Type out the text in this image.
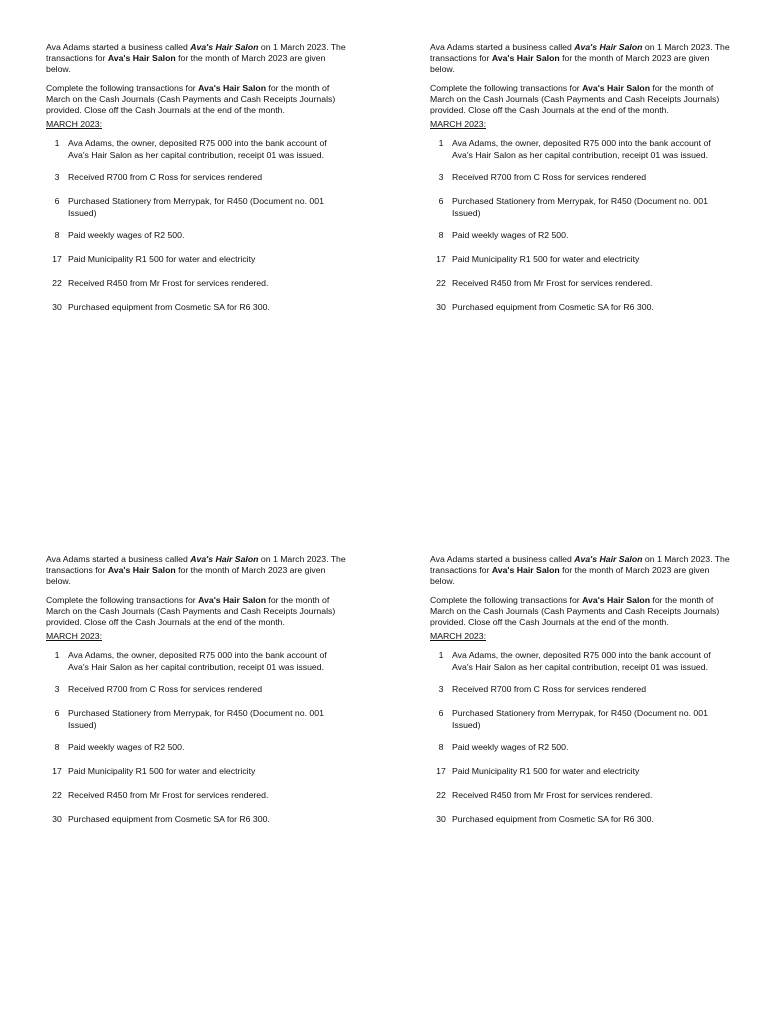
Ava Adams started a business called Ava's Hair Salon on 1 March 2023. The transactions for Ava's Hair Salon for the month of March 2023 are given below.

Complete the following transactions for Ava's Hair Salon for the month of March on the Cash Journals (Cash Payments and Cash Receipts Journals) provided. Close off the Cash Journals at the end of the month.

MARCH 2023:
1 Ava Adams, the owner, deposited R75 000 into the bank account of Ava's Hair Salon as her capital contribution, receipt 01 was issued.
3 Received R700 from C Ross for services rendered
6 Purchased Stationery from Merrypak, for R450 (Document no. 001 Issued)
8 Paid weekly wages of R2 500.
17 Paid Municipality R1 500 for water and electricity
22 Received R450 from Mr Frost for services rendered.
30 Purchased equipment from Cosmetic SA for R6 300.

Ava Adams started a business called Ava's Hair Salon on 1 March 2023. The transactions for Ava's Hair Salon for the month of March 2023 are given below.

Complete the following transactions for Ava's Hair Salon for the month of March on the Cash Journals (Cash Payments and Cash Receipts Journals) provided. Close off the Cash Journals at the end of the month.

MARCH 2023:
1 Ava Adams, the owner, deposited R75 000 into the bank account of Ava's Hair Salon as her capital contribution, receipt 01 was issued.
3 Received R700 from C Ross for services rendered
6 Purchased Stationery from Merrypak, for R450 (Document no. 001 Issued)
8 Paid weekly wages of R2 500.
17 Paid Municipality R1 500 for water and electricity
22 Received R450 from Mr Frost for services rendered.
30 Purchased equipment from Cosmetic SA for R6 300.

Ava Adams started a business called Ava's Hair Salon on 1 March 2023. The transactions for Ava's Hair Salon for the month of March 2023 are given below.

Complete the following transactions for Ava's Hair Salon for the month of March on the Cash Journals (Cash Payments and Cash Receipts Journals) provided. Close off the Cash Journals at the end of the month.

MARCH 2023:
1 Ava Adams, the owner, deposited R75 000 into the bank account of Ava's Hair Salon as her capital contribution, receipt 01 was issued.
3 Received R700 from C Ross for services rendered
6 Purchased Stationery from Merrypak, for R450 (Document no. 001 Issued)
8 Paid weekly wages of R2 500.
17 Paid Municipality R1 500 for water and electricity
22 Received R450 from Mr Frost for services rendered.
30 Purchased equipment from Cosmetic SA for R6 300.

Ava Adams started a business called Ava's Hair Salon on 1 March 2023. The transactions for Ava's Hair Salon for the month of March 2023 are given below.

Complete the following transactions for Ava's Hair Salon for the month of March on the Cash Journals (Cash Payments and Cash Receipts Journals) provided. Close off the Cash Journals at the end of the month.

MARCH 2023:
1 Ava Adams, the owner, deposited R75 000 into the bank account of Ava's Hair Salon as her capital contribution, receipt 01 was issued.
3 Received R700 from C Ross for services rendered
6 Purchased Stationery from Merrypak, for R450 (Document no. 001 Issued)
8 Paid weekly wages of R2 500.
17 Paid Municipality R1 500 for water and electricity
22 Received R450 from Mr Frost for services rendered.
30 Purchased equipment from Cosmetic SA for R6 300.
